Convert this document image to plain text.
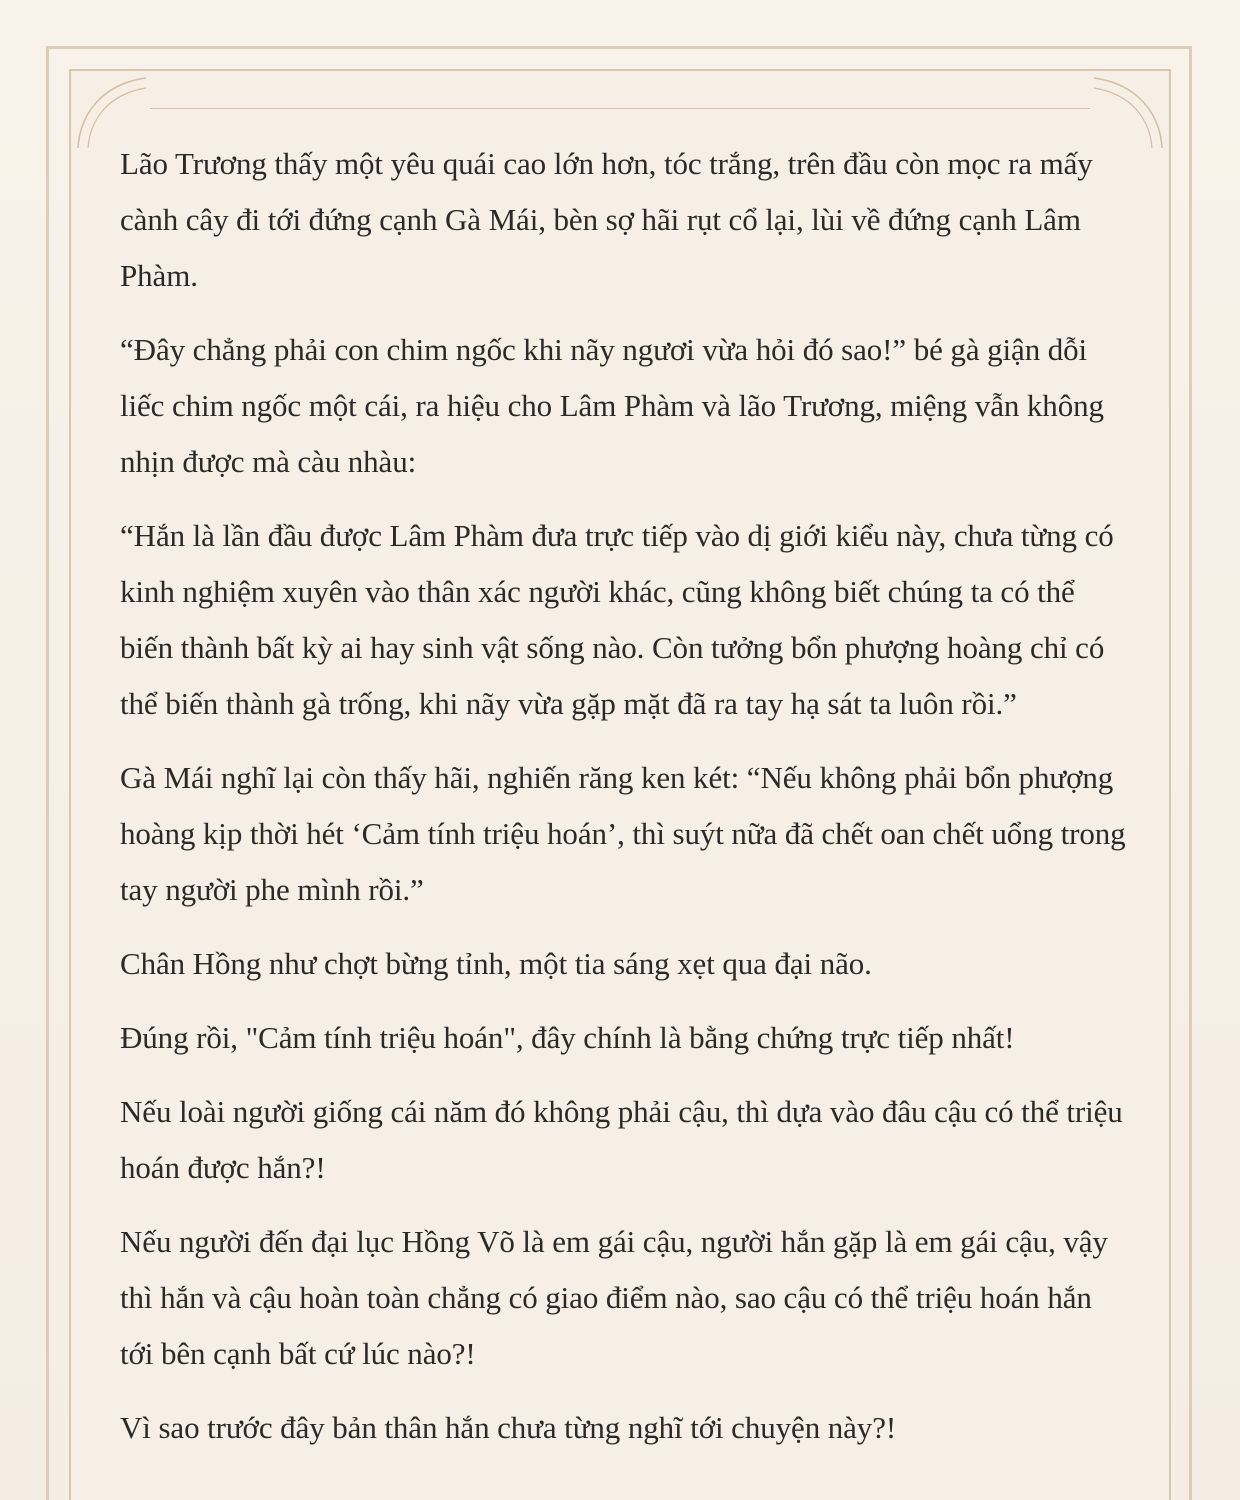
Lão Trương thấy một yêu quái cao lớn hơn, tóc trắng, trên đầu còn mọc ra mấy cành cây đi tới đứng cạnh Gà Mái, bèn sợ hãi rụt cổ lại, lùi về đứng cạnh Lâm Phàm.

“Đây chẳng phải con chim ngốc khi nãy ngươi vừa hỏi đó sao!” bé gà giận dỗi liếc chim ngốc một cái, ra hiệu cho Lâm Phàm và lão Trương, miệng vẫn không nhịn được mà càu nhàu:

“Hắn là lần đầu được Lâm Phàm đưa trực tiếp vào dị giới kiểu này, chưa từng có kinh nghiệm xuyên vào thân xác người khác, cũng không biết chúng ta có thể biến thành bất kỳ ai hay sinh vật sống nào. Còn tưởng bổn phượng hoàng chỉ có thể biến thành gà trống, khi nãy vừa gặp mặt đã ra tay hạ sát ta luôn rồi.”

Gà Mái nghĩ lại còn thấy hãi, nghiến răng ken két: “Nếu không phải bổn phượng hoàng kịp thời hét ‘Cảm tính triệu hoán’, thì suýt nữa đã chết oan chết uổng trong tay người phe mình rồi.”

Chân Hồng như chợt bừng tỉnh, một tia sáng xẹt qua đại não.

Đúng rồi, "Cảm tính triệu hoán", đây chính là bằng chứng trực tiếp nhất!

Nếu loài người giống cái năm đó không phải cậu, thì dựa vào đâu cậu có thể triệu hoán được hắn?!

Nếu người đến đại lục Hồng Võ là em gái cậu, người hắn gặp là em gái cậu, vậy thì hắn và cậu hoàn toàn chẳng có giao điểm nào, sao cậu có thể triệu hoán hắn tới bên cạnh bất cứ lúc nào?!

Vì sao trước đây bản thân hắn chưa từng nghĩ tới chuyện này?!
